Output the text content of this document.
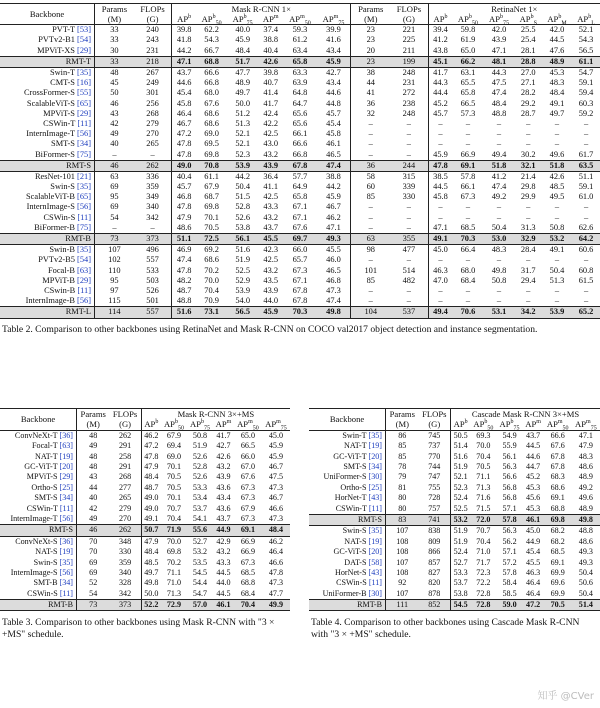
Backbone	Params	FLOPs	Mask R-CNN 1×						Params	FLOPs	RetinaNet 1×					
	(M)	(G)	$AP^b$	$AP^b_{50}$	$AP^b_{75}$	$AP^m$	$AP^m_{50}$	$AP^m_{75}$	(M)	(G)	$AP^b$	$AP^b_{50}$	$AP^b_{75}$	$AP^b_S$	$AP^b_M$	$AP^b_L$
PVT-T [53]	33	240	39.8	62.2	40.0	37.4	59.3	39.9	23	221	39.4	59.8	42.0	25.5	42.0	52.1
PVTv2-B1 [54]	33	243	41.8	54.3	45.9	38.8	61.2	41.6	23	225	41.2	61.9	43.9	25.4	44.5	54.3
MPViT-XS [29]	30	231	44.2	66.7	48.4	40.4	63.4	43.4	20	211	43.8	65.0	47.1	28.1	47.6	56.5
RMT-T	33	218	47.1	68.8	51.7	42.6	65.8	45.9	23	199	45.1	66.2	48.1	28.8	48.9	61.1
Swin-T [35]	48	267	43.7	66.6	47.7	39.8	63.3	42.7	38	248	41.7	63.1	44.3	27.0	45.3	54.7
CMT-S [16]	45	249	44.6	66.8	48.9	40.7	63.9	43.4	44	231	44.3	65.5	47.5	27.1	48.3	59.1
CrossFormer-S [55]	50	301	45.4	68.0	49.7	41.4	64.8	44.6	41	272	44.4	65.8	47.4	28.2	48.4	59.4
ScalableViT-S [65]	46	256	45.8	67.6	50.0	41.7	64.7	44.8	36	238	45.2	66.5	48.4	29.2	49.1	60.3
MPViT-S [29]	43	268	46.4	68.6	51.2	42.4	65.6	45.7	32	248	45.7	57.3	48.8	28.7	49.7	59.2
CSWin-T [11]	42	279	46.7	68.6	51.3	42.2	65.6	45.4	–	–	–	–	–	–	–	–
InternImage-T [56]	49	270	47.2	69.0	52.1	42.5	66.1	45.8	–	–	–	–	–	–	–	–
SMT-S [34]	40	265	47.8	69.5	52.1	43.0	66.6	46.1	–	–	–	–	–	–	–	–
BiFormer-S [75]	–	–	47.8	69.8	52.3	43.2	66.8	46.5	–	–	45.9	66.9	49.4	30.2	49.6	61.7
RMT-S	46	262	49.0	70.8	53.9	43.9	67.8	47.4	36	244	47.8	69.1	51.8	32.1	51.8	63.5
ResNet-101 [21]	63	336	40.4	61.1	44.2	36.4	57.7	38.8	58	315	38.5	57.8	41.2	21.4	42.6	51.1
Swin-S [35]	69	359	45.7	67.9	50.4	41.1	64.9	44.2	60	339	44.5	66.1	47.4	29.8	48.5	59.1
ScalableViT-B [65]	95	349	46.8	68.7	51.5	42.5	65.8	45.9	85	330	45.8	67.3	49.2	29.9	49.5	61.0
InternImage-S [56]	69	340	47.8	69.8	52.8	43.3	67.1	46.7	–	–	–	–	–	–	–	–
CSWin-S [11]	54	342	47.9	70.1	52.6	43.2	67.1	46.2	–	–	–	–	–	–	–	–
BiFormer-B [75]	–	–	48.6	70.5	53.8	43.7	67.6	47.1	–	–	47.1	68.5	50.4	31.3	50.8	62.6
RMT-B	73	373	51.1	72.5	56.1	45.5	69.7	49.3	63	355	49.1	70.3	53.0	32.9	53.2	64.2
Swin-B [35]	107	496	46.9	69.2	51.6	42.3	66.0	45.5	98	477	45.0	66.4	48.3	28.4	49.1	60.6
PVTv2-B5 [54]	102	557	47.4	68.6	51.9	42.5	65.7	46.0	–	–	–	–	–	–	–	–
Focal-B [63]	110	533	47.8	70.2	52.5	43.2	67.3	46.5	101	514	46.3	68.0	49.8	31.7	50.4	60.8
MPViT-B [29]	95	503	48.2	70.0	52.9	43.5	67.1	46.8	85	482	47.0	68.4	50.8	29.4	51.3	61.5
CSwin-B [11]	97	526	48.7	70.4	53.9	43.9	67.8	47.3	–	–	–	–	–	–	–	–
InternImage-B [56]	115	501	48.8	70.9	54.0	44.0	67.8	47.4	–	–	–	–	–	–	–	–
RMT-L	114	557	51.6	73.1	56.5	45.9	70.3	49.8	104	537	49.4	70.6	53.1	34.2	53.9	65.2
Table 2. Comparison to other backbones using RetinaNet and Mask R-CNN on COCO val2017 object detection and instance segmentation.
Backbone	Params	FLOPs	Mask R-CNN 3×+MS					
	(M)	(G)	$AP^b$	$AP^b_{50}$	$AP^b_{75}$	$AP^m$	$AP^m_{50}$	$AP^m_{75}$
ConvNeXt-T [36]	48	262	46.2	67.9	50.8	41.7	65.0	45.0
Focal-T [63]	49	291	47.2	69.4	51.9	42.7	66.5	45.9
NAT-T [19]	48	258	47.8	69.0	52.6	42.6	66.0	45.9
GC-ViT-T [20]	48	291	47.9	70.1	52.8	43.2	67.0	46.7
MPViT-S [29]	43	268	48.4	70.5	52.6	43.9	67.6	47.5
Ortho-S [25]	44	277	48.7	70.5	53.3	43.6	67.3	47.3
SMT-S [34]	40	265	49.0	70.1	53.4	43.4	67.3	46.7
CSWin-T [11]	42	279	49.0	70.7	53.7	43.6	67.9	46.6
InternImage-T [56]	49	270	49.1	70.4	54.1	43.7	67.3	47.3
RMT-S	46	262	50.7	71.9	55.6	44.9	69.1	48.4
ConvNeXt-S [36]	70	348	47.9	70.0	52.7	42.9	66.9	46.2
NAT-S [19]	70	330	48.4	69.8	53.2	43.2	66.9	46.4
Swin-S [35]	69	359	48.5	70.2	53.5	43.3	67.3	46.6
InternImage-S [56]	69	340	49.7	71.1	54.5	44.5	68.5	47.8
SMT-B [34]	52	328	49.8	71.0	54.4	44.0	68.8	47.3
CSWin-S [11]	54	342	50.0	71.3	54.7	44.5	68.4	47.7
RMT-B	73	373	52.2	72.9	57.0	46.1	70.4	49.9
Table 3. Comparison to other backbones using Mask R-CNN with "3 × +MS" schedule.
Backbone	Params	FLOPs	Cascade Mask R-CNN 3×+MS					
	(M)	(G)	$AP^b$	$AP^b_{50}$	$AP^b_{75}$	$AP^m$	$AP^m_{50}$	$AP^m_{75}$
Swin-T [35]	86	745	50.5	69.3	54.9	43.7	66.6	47.1
NAT-T [19]	85	737	51.4	70.0	55.9	44.5	67.6	47.9
GC-ViT-T [20]	85	770	51.6	70.4	56.1	44.6	67.8	48.3
SMT-S [34]	78	744	51.9	70.5	56.3	44.7	67.8	48.6
UniFormer-S [30]	79	747	52.1	71.1	56.6	45.2	68.3	48.9
Ortho-S [25]	81	755	52.3	71.3	56.8	45.3	68.6	49.2
HorNet-T [43]	80	728	52.4	71.6	56.8	45.6	69.1	49.6
CSWin-T [11]	80	757	52.5	71.5	57.1	45.3	68.8	48.9
RMT-S	83	741	53.2	72.0	57.8	46.1	69.8	49.8
Swin-S [35]	107	838	51.9	70.7	56.3	45.0	68.2	48.8
NAT-S [19]	108	809	51.9	70.4	56.2	44.9	68.2	48.6
GC-ViT-S [20]	108	866	52.4	71.0	57.1	45.4	68.5	49.3
DAT-S [58]	107	857	52.7	71.7	57.2	45.5	69.1	49.3
HorNet-S [43]	108	827	53.3	72.3	57.8	46.3	69.9	50.4
CSWin-S [11]	92	820	53.7	72.2	58.4	46.4	69.6	50.6
UniFormer-B [30]	107	878	53.8	72.8	58.5	46.4	69.9	50.4
RMT-B	111	852	54.5	72.8	59.0	47.2	70.5	51.4
Table 4. Comparison to other backbones using Cascade Mask R-CNN with "3 × +MS" schedule.
知乎 @CVer
